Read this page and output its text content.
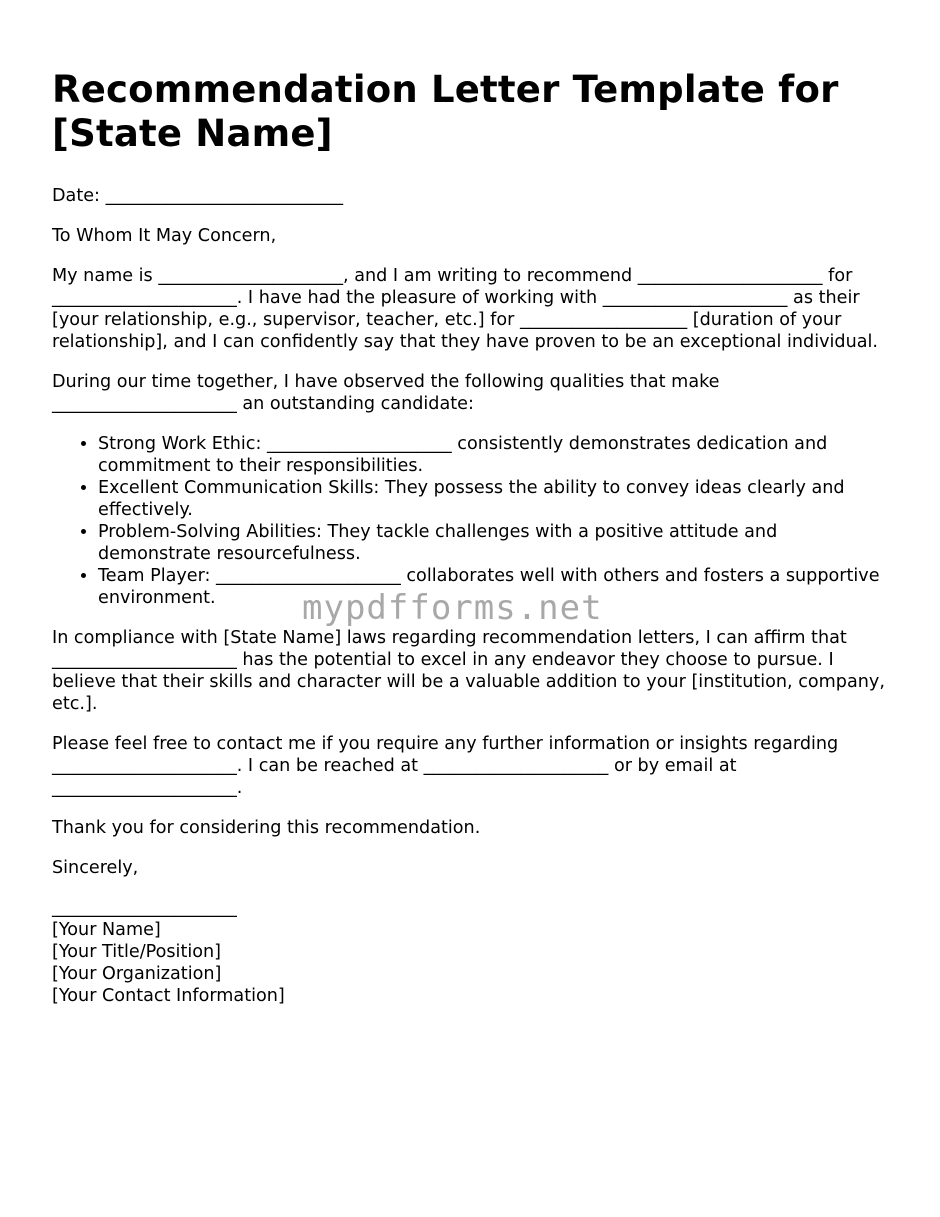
Recommendation Letter Template for [State Name]

Date: ___________________________

To Whom It May Concern,

My name is _____________________, and I am writing to recommend _____________________ for _____________________. I have had the pleasure of working with _____________________ as their [your relationship, e.g., supervisor, teacher, etc.] for ___________________ [duration of your relationship], and I can confidently say that they have proven to be an exceptional individual.

During our time together, I have observed the following qualities that make _____________________ an outstanding candidate:

• Strong Work Ethic: _____________________ consistently demonstrates dedication and commitment to their responsibilities.
• Excellent Communication Skills: They possess the ability to convey ideas clearly and effectively.
• Problem-Solving Abilities: They tackle challenges with a positive attitude and demonstrate resourcefulness.
• Team Player: _____________________ collaborates well with others and fosters a supportive environment.

In compliance with [State Name] laws regarding recommendation letters, I can affirm that _____________________ has the potential to excel in any endeavor they choose to pursue. I believe that their skills and character will be a valuable addition to your [institution, company, etc.].

Please feel free to contact me if you require any further information or insights regarding _____________________. I can be reached at _____________________ or by email at _____________________.

Thank you for considering this recommendation.

Sincerely,

_____________________

[Your Name]

[Your Title/Position]

[Your Organization]

[Your Contact Information]

mypdfforms.net
